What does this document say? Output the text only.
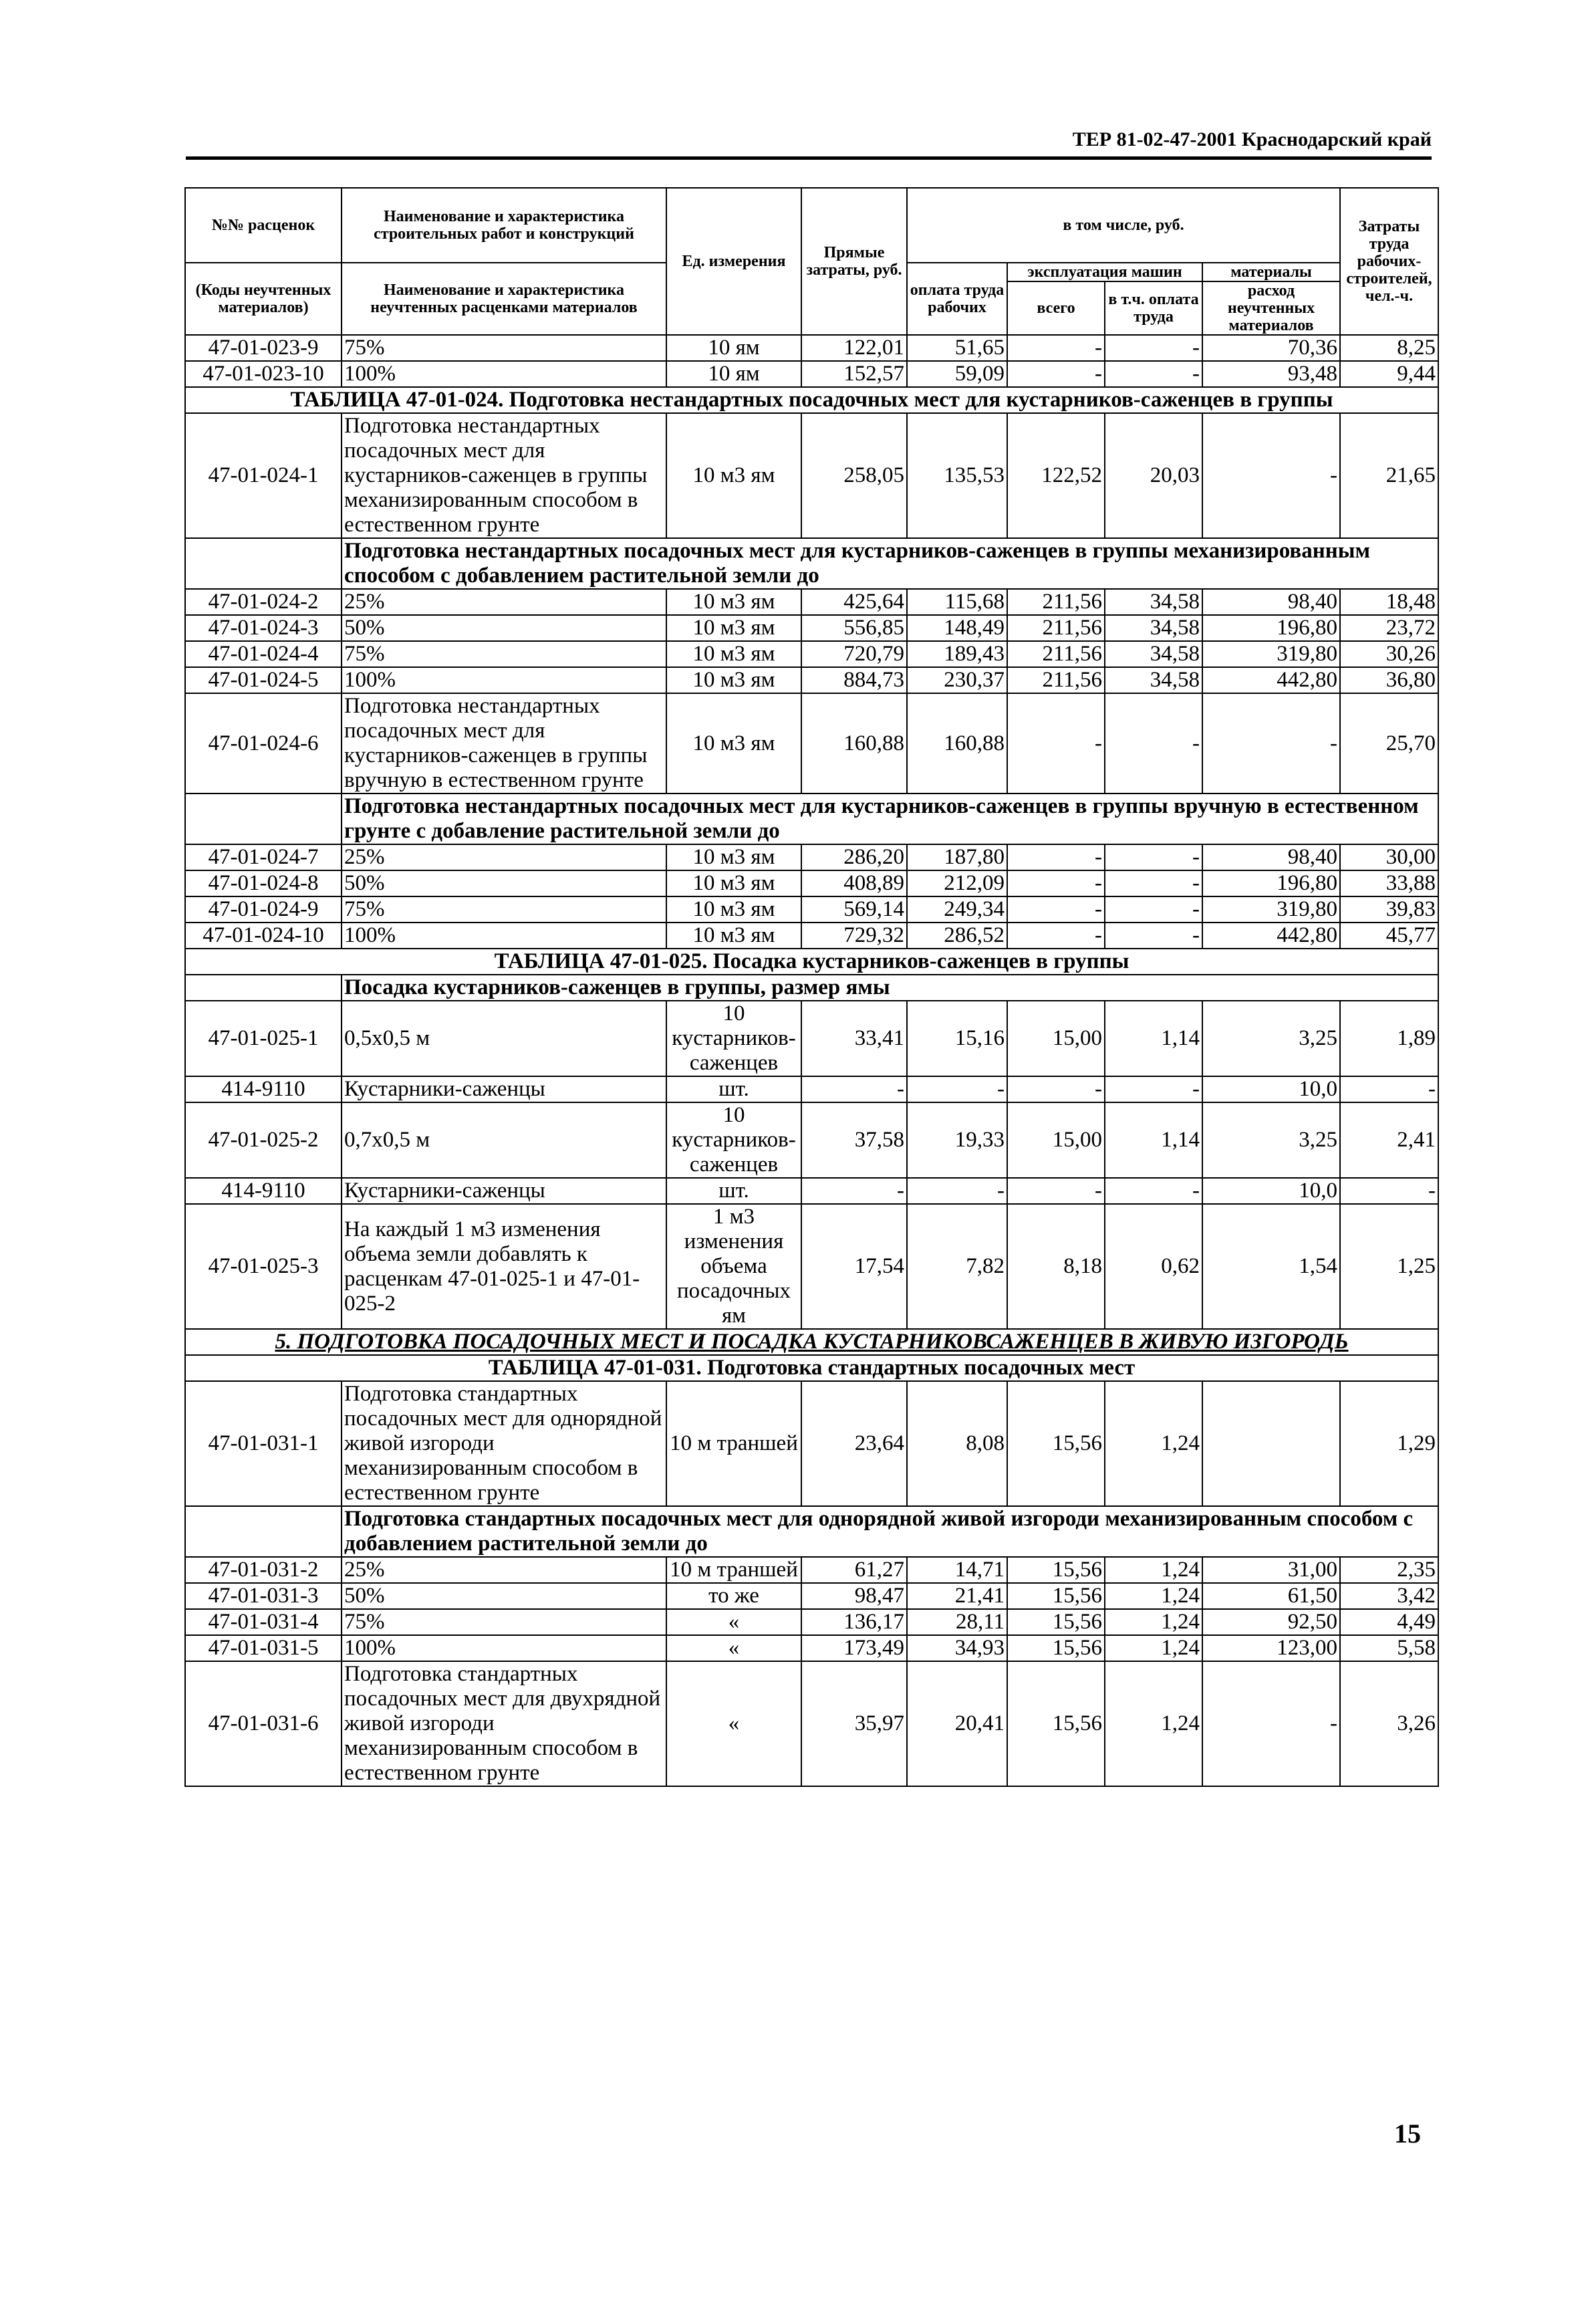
ТЕР 81-02-47-2001 Краснодарский край
№№ расценок	Наименование и характеристика строительных работ и конструкций	Ед. измерения	Прямые затраты, руб.	в том числе, руб.				Затраты труда рабочих-строителей, чел.-ч.
(Коды неучтенных материалов)	Наименование и характеристика неучтенных расценками материалов			оплата труда рабочих	эксплуатация машин		материалы	
					всего	в т.ч. оплата труда	расход неучтенных материалов	
47-01-023-9	75%	10 ям	122,01	51,65	-	-	70,36	8,25
47-01-023-10	100%	10 ям	152,57	59,09	-	-	93,48	9,44
ТАБЛИЦА 47-01-024. Подготовка нестандартных посадочных мест для кустарников-саженцев в группы								
47-01-024-1	Подготовка нестандартных посадочных мест для кустарников-саженцев в группы механизированным способом в естественном грунте	10 м3 ям	258,05	135,53	122,52	20,03	-	21,65
	Подготовка нестандартных посадочных мест для кустарников-саженцев в группы механизированным способом с добавлением растительной земли до							
47-01-024-2	25%	10 м3 ям	425,64	115,68	211,56	34,58	98,40	18,48
47-01-024-3	50%	10 м3 ям	556,85	148,49	211,56	34,58	196,80	23,72
47-01-024-4	75%	10 м3 ям	720,79	189,43	211,56	34,58	319,80	30,26
47-01-024-5	100%	10 м3 ям	884,73	230,37	211,56	34,58	442,80	36,80
47-01-024-6	Подготовка нестандартных посадочных мест для кустарников-саженцев в группы вручную в естественном грунте	10 м3 ям	160,88	160,88	-	-	-	25,70
	Подготовка нестандартных посадочных мест для кустарников-саженцев в группы вручную в естественном грунте с добавление растительной земли до							
47-01-024-7	25%	10 м3 ям	286,20	187,80	-	-	98,40	30,00
47-01-024-8	50%	10 м3 ям	408,89	212,09	-	-	196,80	33,88
47-01-024-9	75%	10 м3 ям	569,14	249,34	-	-	319,80	39,83
47-01-024-10	100%	10 м3 ям	729,32	286,52	-	-	442,80	45,77
ТАБЛИЦА 47-01-025. Посадка кустарников-саженцев в группы								
	Посадка кустарников-саженцев в группы, размер ямы							
47-01-025-1	0,5х0,5 м	10 кустарников-саженцев	33,41	15,16	15,00	1,14	3,25	1,89
414-9110	Кустарники-саженцы	шт.	-	-	-	-	10,0	-
47-01-025-2	0,7х0,5 м	10 кустарников-саженцев	37,58	19,33	15,00	1,14	3,25	2,41
414-9110	Кустарники-саженцы	шт.	-	-	-	-	10,0	-
47-01-025-3	На каждый 1 м3 изменения объема земли добавлять к расценкам 47-01-025-1 и 47-01-025-2	1 м3 изменения объема посадочных ям	17,54	7,82	8,18	0,62	1,54	1,25
5. ПОДГОТОВКА ПОСАДОЧНЫХ МЕСТ И ПОСАДКА КУСТАРНИКОВСАЖЕНЦЕВ В ЖИВУЮ ИЗГОРОДЬ								
ТАБЛИЦА 47-01-031. Подготовка стандартных посадочных мест								
47-01-031-1	Подготовка стандартных посадочных мест для однорядной живой изгороди механизированным способом в естественном грунте	10 м траншей	23,64	8,08	15,56	1,24		1,29
	Подготовка стандартных посадочных мест для однорядной живой изгороди механизированным способом с добавлением растительной земли до							
47-01-031-2	25%	10 м траншей	61,27	14,71	15,56	1,24	31,00	2,35
47-01-031-3	50%	то же	98,47	21,41	15,56	1,24	61,50	3,42
47-01-031-4	75%	«	136,17	28,11	15,56	1,24	92,50	4,49
47-01-031-5	100%	«	173,49	34,93	15,56	1,24	123,00	5,58
47-01-031-6	Подготовка стандартных посадочных мест для двухрядной живой изгороди механизированным способом в естественном грунте	«	35,97	20,41	15,56	1,24	-	3,26
15
